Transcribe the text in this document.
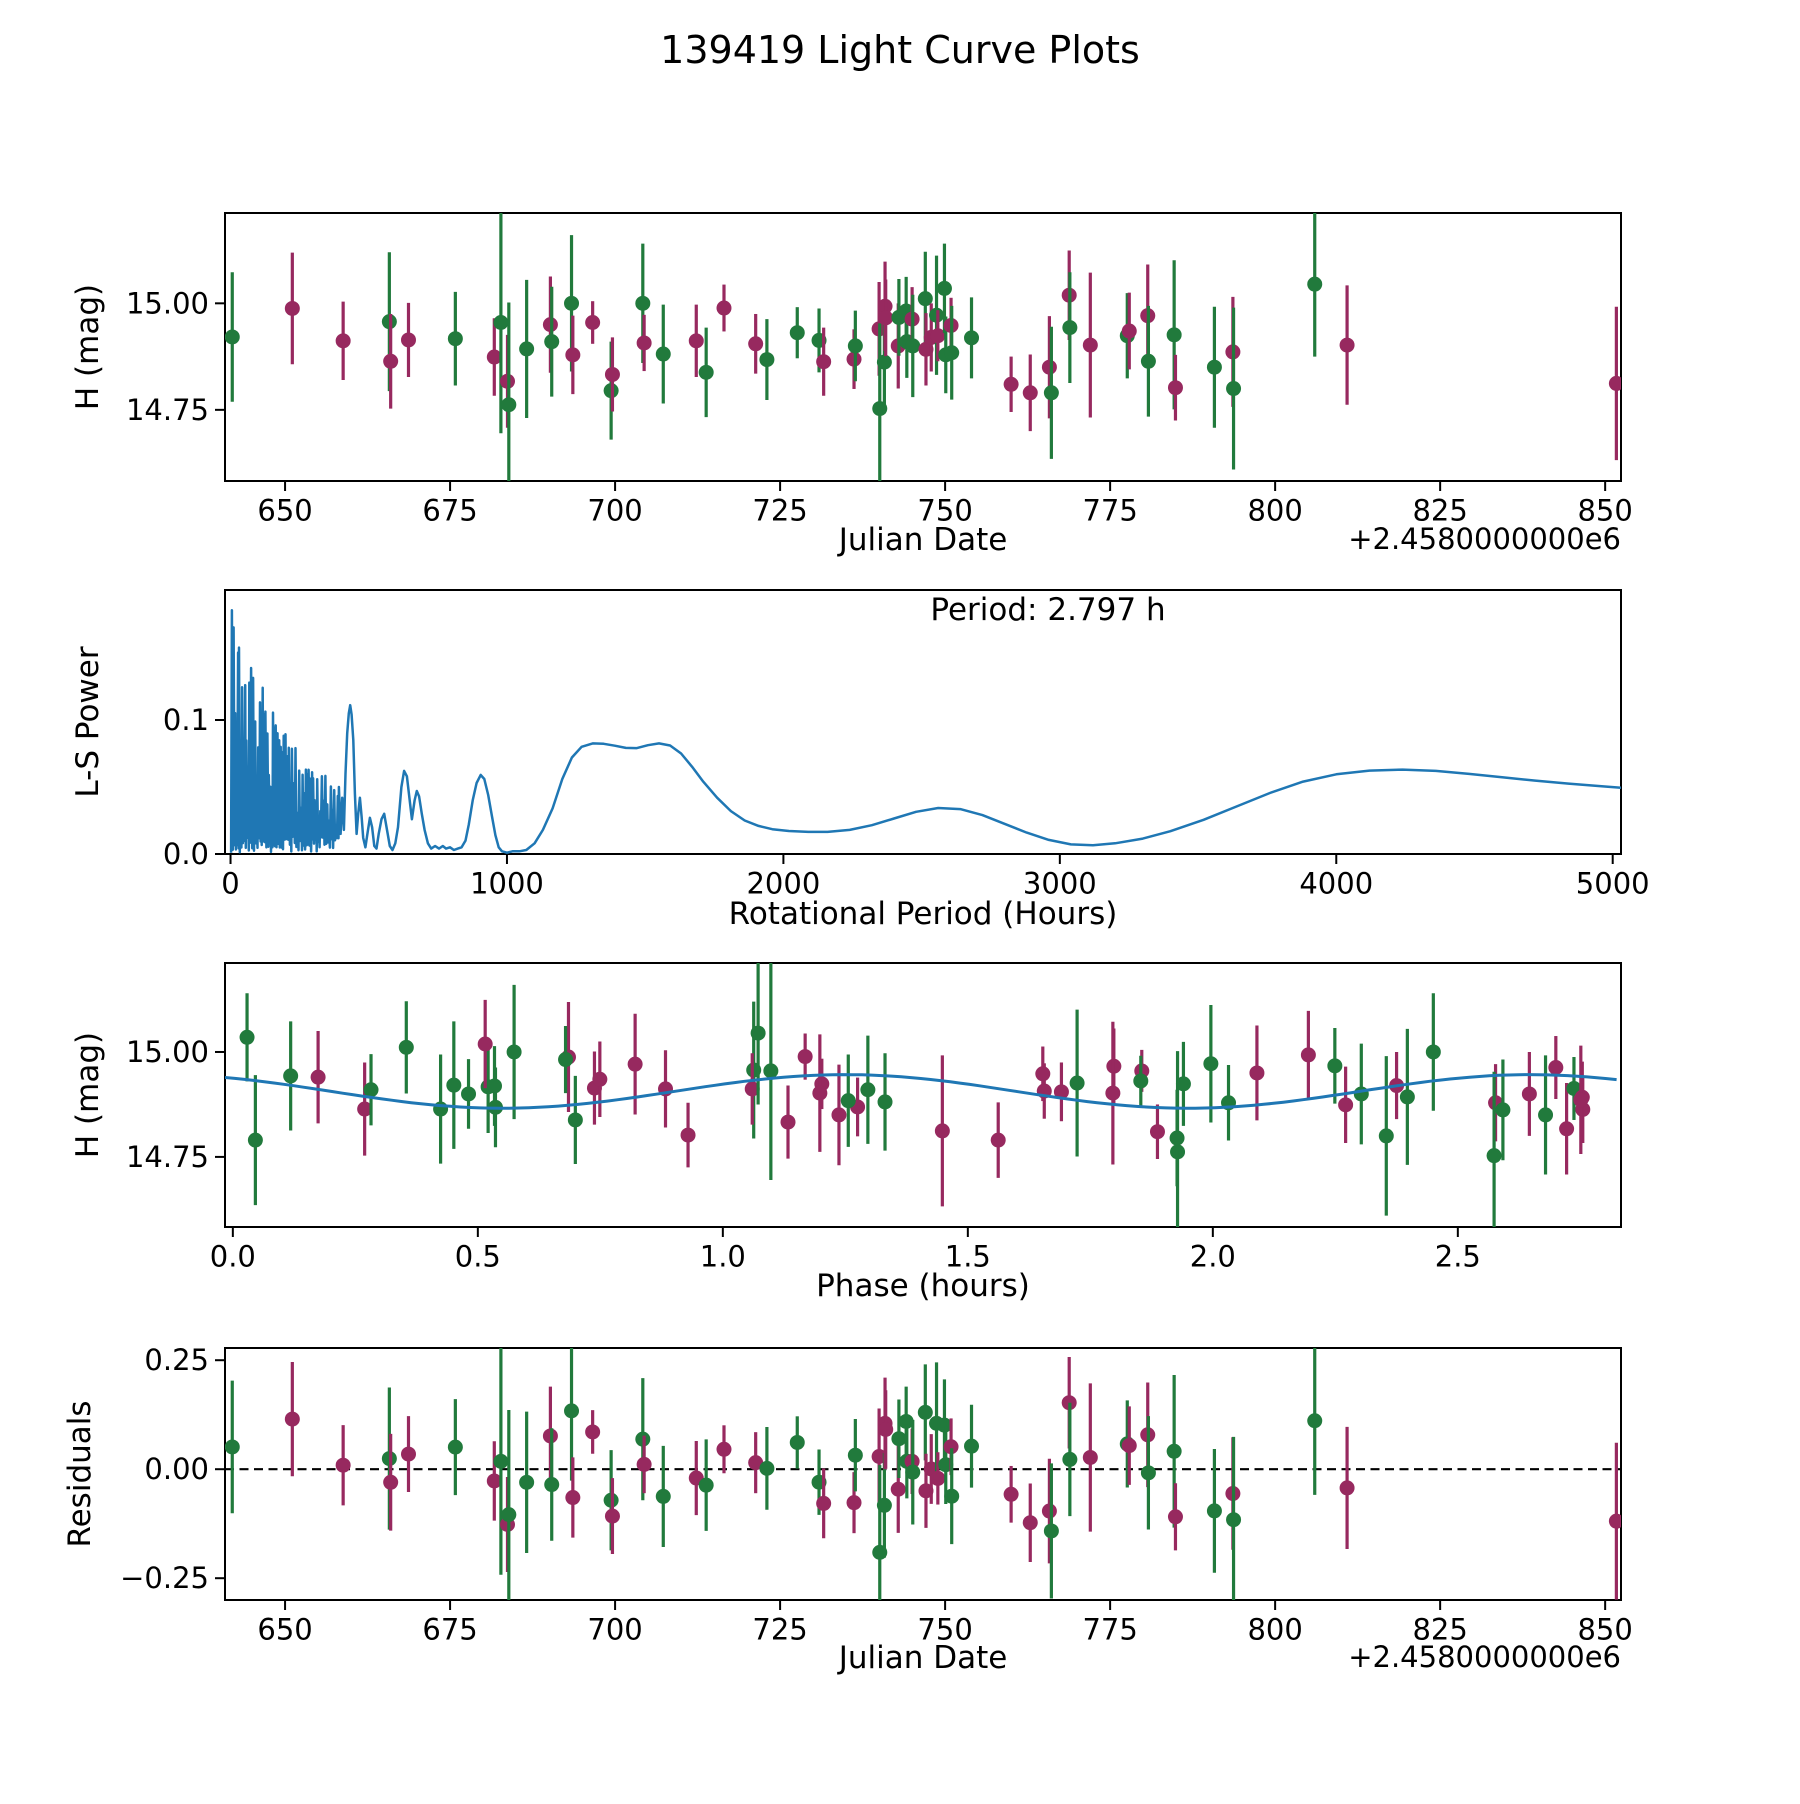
139419 Light Curve Plots
650	675	700	725	750	775	800	825	850
15.00
14.75
0	1000	2000	3000	4000	5000
0.0
0.1
0.0	0.5	1.0	1.5	2.0	2.5
15.00
14.75
650	675	700	725	750	775	800	825	850
0.25
0.00
−0.25
H (mag)
Julian Date	+2.4580000000e6
L-S Power
Rotational Period (Hours)
Period: 2.797 h
H (mag)
Phase (hours)
Residuals
Julian Date	+2.4580000000e6
